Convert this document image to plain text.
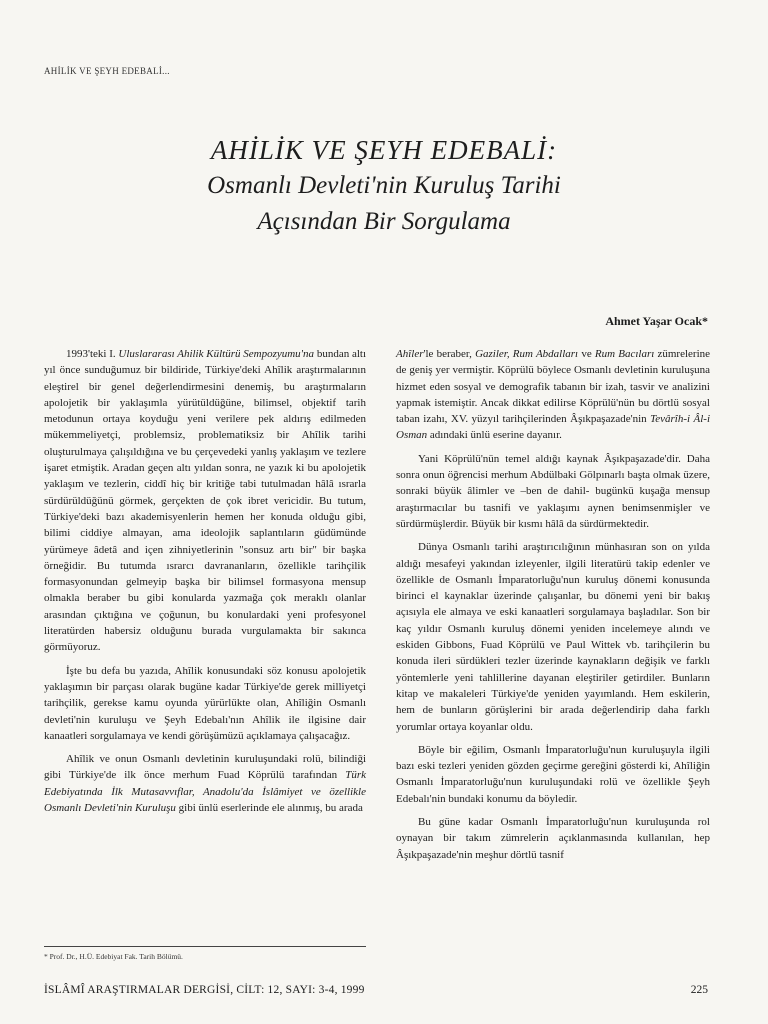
AHİLİK VE ŞEYH EDEBALİ...
AHİLİK VE ŞEYH EDEBALİ:
Osmanlı Devleti'nin Kuruluş Tarihi
Açısından Bir Sorgulama
Ahmet Yaşar Ocak*

1993'teki I. Uluslararası Ahilik Kültürü Sempozyumu'na bundan altı yıl önce sunduğumuz bir bildiride, Türkiye'deki Ahîlik araştırmalarının eleştirel bir genel değerlendirmesini denemiş, bu araştırmaların apolojetik bir yaklaşımla yürütüldüğüne, bilimsel, objektif tarih metodunun ortaya koyduğu yeni verilere pek aldırış edilmeden mükemmeliyetçi, problemsiz, problematiksiz bir Ahîlik tarihi oluşturulmaya çalışıldığına ve bu çerçevedeki yanlış yaklaşım ve tezlere işaret etmiştik. Aradan geçen altı yıldan sonra, ne yazık ki bu apolojetik yaklaşım ve tezlerin, ciddî hiç bir kritiğe tabi tutulmadan hâlâ ısrarla sürdürüldüğünü görmek, gerçekten de çok ibret vericidir. Bu tutum, Türkiye'deki bazı akademisyenlerin hemen her konuda olduğu gibi, bilimi ciddiye almayan, ama ideolojik saplantıların güdümünde yürümeye âdetâ and içen zihniyetlerinin "sonsuz artı bir" bir başka örneğidir. Bu tutumda ısrarcı davrananların, özellikle tarihçilik formasyonundan gelmeyip başka bir bilimsel formasyona mensup olmakla beraber bu gibi konularda yazmağa çok meraklı olanlar arasından çıktığına ve çoğunun, bu konulardaki yeni profesyonel literatürden habersiz olduğunu burada vurgulamakta bir sakınca görmüyoruz.

İşte bu defa bu yazıda, Ahîlik konusundaki söz konusu apolojetik yaklaşımın bir parçası olarak bugüne kadar Türkiye'de gerek milliyetçi tarihçilik, gerekse kamu oyunda yürürlükte olan, Ahîliğin Osmanlı devleti'nin kuruluşu ve Şeyh Edebalı'nın Ahîlik ile ilgisine dair kanaatleri sorgulamaya ve kendi görüşümüzü açıklamaya çalışacağız.

Ahîlik ve onun Osmanlı devletinin kuruluşundaki rolü, bilindiği gibi Türkiye'de ilk önce merhum Fuad Köprülü tarafından Türk Edebiyatında İlk Mutasavvıflar, Anadolu'da İslâmiyet ve özellikle Osmanlı Devleti'nin Kuruluşu gibi ünlü eserlerinde ele alınmış, bu arada

Ahîler'le beraber, Gaziler, Rum Abdalları ve Rum Bacıları zümrelerine de geniş yer vermiştir. Köprülü böylece Osmanlı devletinin kuruluşuna hizmet eden sosyal ve demografik tabanın bir izah, tasvir ve analizini yapmak istemiştir. Ancak dikkat edilirse Köprülü'nün bu dörtlü sosyal taban izahı, XV. yüzyıl tarihçilerinden Âşıkpaşazade'nin Tevârîh-i Âl-i Osman adındaki ünlü eserine dayanır.

Yani Köprülü'nün temel aldığı kaynak Âşıkpaşazade'dir. Daha sonra onun öğrencisi merhum Abdülbaki Gölpınarlı başta olmak üzere, sonraki büyük âlimler ve –ben de dahil- bugünkü kuşağa mensup araştırmacılar bu tasnifi ve yaklaşımı aynen benimsenmişler ve sürdürmüşlerdir. Büyük bir kısmı hâlâ da sürdürmektedir.

Dünya Osmanlı tarihi araştırıcılığının münhasıran son on yılda aldığı mesafeyi yakından izleyenler, ilgili literatürü takip edenler ve özellikle de Osmanlı İmparatorluğu'nun kuruluş dönemi konusunda birinci el kaynaklar üzerinde çalışanlar, bu dönemi yeni bir bakış açısıyla ele almaya ve eski kanaatleri sorgulamaya başladılar. Son bir kaç yıldır Osmanlı kuruluş dönemi yeniden incelemeye alındı ve eskiden Gibbons, Fuad Köprülü ve Paul Wittek vb. tarihçilerin bu konuda ileri sürdükleri tezler üzerinde kaynakların değişik ve farklı yöntemlerle yeni tahlillerine dayanan eleştiriler getirdiler. Bunların kitap ve makaleleri Türkiye'de yeniden yayımlandı. Hem eskilerin, hem de bunların görüşlerini bir arada değerlendirip daha farklı yorumlar ortaya koyanlar oldu.

Böyle bir eğilim, Osmanlı İmparatorluğu'nun kuruluşuyla ilgili bazı eski tezleri yeniden gözden geçirme gereğini gösterdi ki, Ahîliğin Osmanlı İmparatorluğu'nun kuruluşundaki rolü ve özellikle Şeyh Edebalı'nin bundaki konumu da böyledir.

Bu güne kadar Osmanlı İmparatorluğu'nun kuruluşunda rol oynayan bir takım zümrelerin açıklanmasında kullanılan, hep Âşıkpaşazade'nin meşhur dörtlü tasnif

* Prof. Dr., H.Ü. Edebiyat Fak. Tarih Bölümü.
İSLÂMÎ ARAŞTIRMALAR DERGİSİ, CİLT: 12, SAYI: 3-4, 1999	225
